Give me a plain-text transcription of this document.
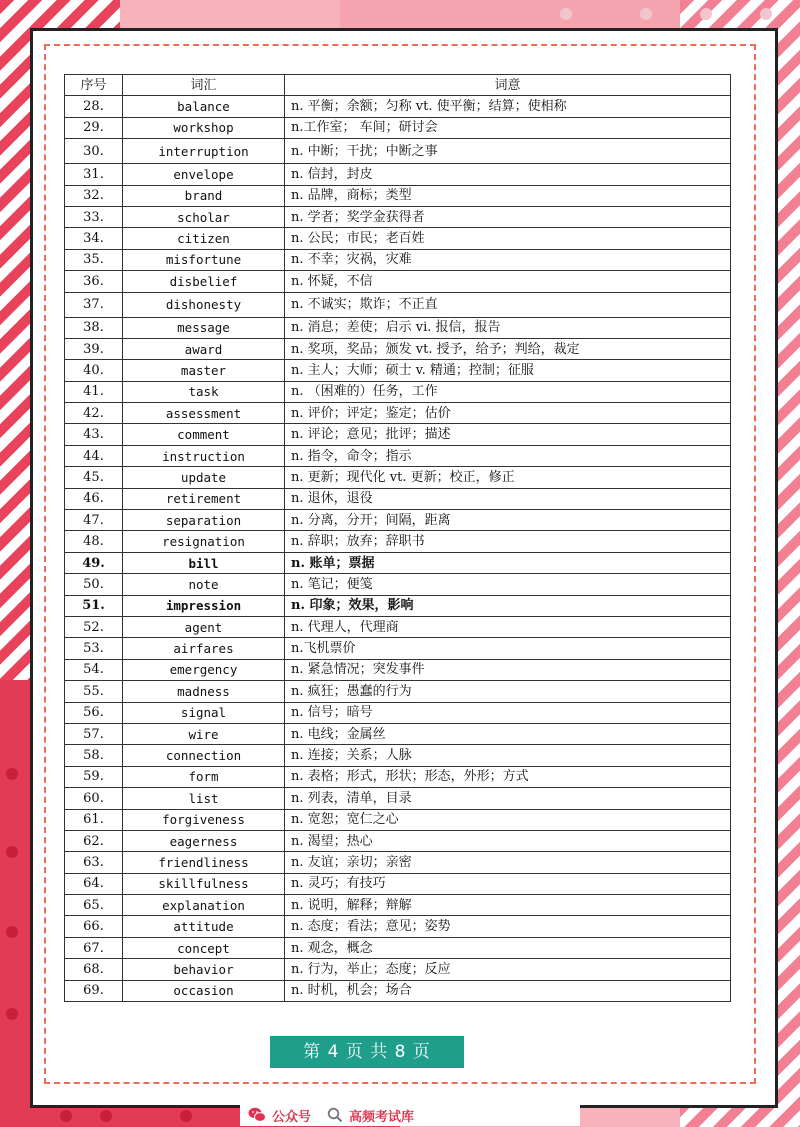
序号	词汇	词意
28.	balance	n. 平衡；余额；匀称 vt. 使平衡；结算；使相称
29.	workshop	n.工作室； 车间；研讨会
30.	interruption	n. 中断；干扰；中断之事
31.	envelope	n. 信封，封皮
32.	brand	n. 品牌，商标；类型
33.	scholar	n. 学者；奖学金获得者
34.	citizen	n. 公民；市民；老百姓
35.	misfortune	n. 不幸；灾祸，灾难
36.	disbelief	n. 怀疑，不信
37.	dishonesty	n. 不诚实；欺诈；不正直
38.	message	n. 消息；差使；启示 vi. 报信，报告
39.	award	n. 奖项，奖品；颁发 vt. 授予，给予；判给，裁定
40.	master	n. 主人；大师；硕士 v. 精通；控制；征服
41.	task	n. （困难的）任务，工作
42.	assessment	n. 评价；评定；鉴定；估价
43.	comment	n. 评论；意见；批评；描述
44.	instruction	n. 指令，命令；指示
45.	update	n. 更新；现代化 vt. 更新；校正，修正
46.	retirement	n. 退休，退役
47.	separation	n. 分离，分开；间隔，距离
48.	resignation	n. 辞职；放弃；辞职书
49.	bill	n. 账单；票据
50.	note	n. 笔记；便笺
51.	impression	n. 印象；效果，影响
52.	agent	n. 代理人，代理商
53.	airfares	n.飞机票价
54.	emergency	n. 紧急情况；突发事件
55.	madness	n. 疯狂；愚蠢的行为
56.	signal	n. 信号；暗号
57.	wire	n. 电线；金属丝
58.	connection	n. 连接；关系；人脉
59.	form	n. 表格；形式，形状；形态，外形；方式
60.	list	n. 列表，清单，目录
61.	forgiveness	n. 宽恕；宽仁之心
62.	eagerness	n. 渴望；热心
63.	friendliness	n. 友谊；亲切；亲密
64.	skillfulness	n. 灵巧；有技巧
65.	explanation	n. 说明，解释；辩解
66.	attitude	n. 态度；看法；意见；姿势
67.	concept	n. 观念，概念
68.	behavior	n. 行为，举止；态度；反应
69.	occasion	n. 时机，机会；场合
第 4 页 共 8 页
公众号	高频考试库
